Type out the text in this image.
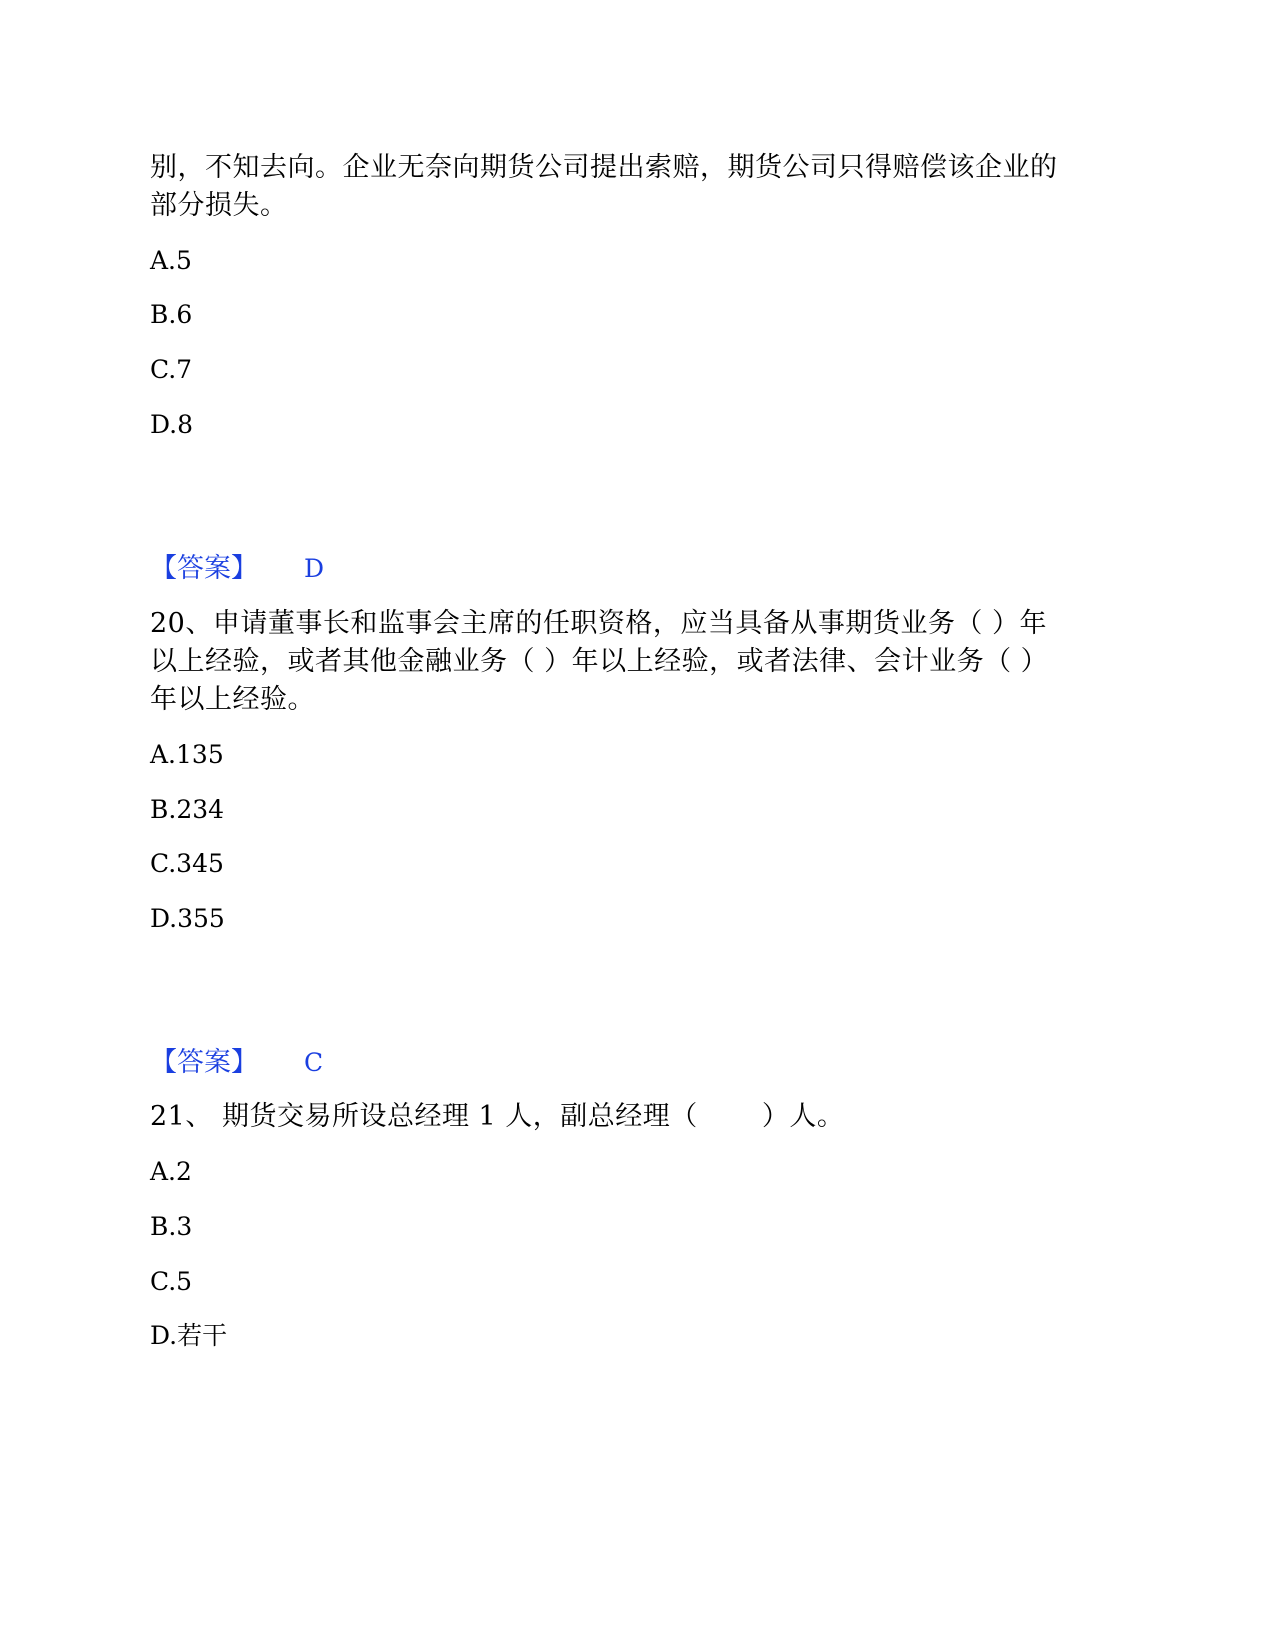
别，不知去向。企业无奈向期货公司提出索赔，期货公司只得赔偿该企业的
部分损失。
A.5
B.6
C.7
D.8
【答案】 D
20、申请董事长和监事会主席的任职资格，应当具备从事期货业务（ ）年
以上经验，或者其他金融业务（ ）年以上经验，或者法律、会计业务（ ）
年以上经验。
A.135
B.234
C.345
D.355
【答案】 C
21、 期货交易所设总经理 1 人，副总经理（　　 ）人。
A.2
B.3
C.5
D.若干
